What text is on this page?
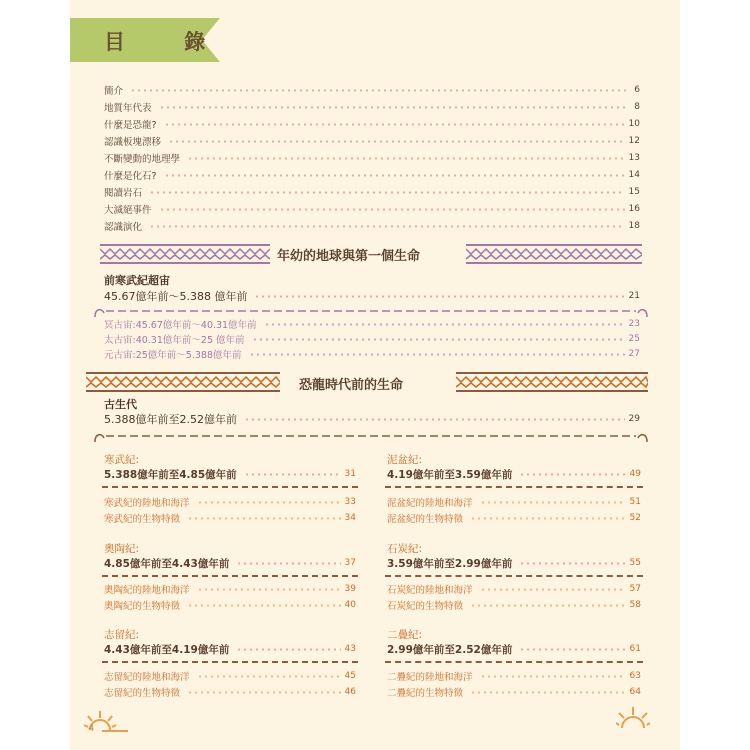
目 錄
簡介	6
地質年代表	8
什麼是恐龍?	10
認識板塊漂移	12
不斷變動的地理學	13
什麼是化石?	14
閱讀岩石	15
大滅絕事件	16
認識演化	18
年幼的地球與第一個生命
前寒武紀超宙
45.67億年前～5.388 億年前	21
冥古宙:45.67億年前～40.31億年前	23
太古宙:40.31億年前～25 億年前	25
元古宙:25億年前～5.388億年前	27
恐龍時代前的生命
古生代
5.388億年前至2.52億年前	29
寒武紀:
5.388億年前至4.85億年前	31
寒武紀的陸地和海洋	33
寒武紀的生物特徵	34
奧陶紀:
4.85億年前至4.43億年前	37
奧陶紀的陸地和海洋	39
奧陶紀的生物特徵	40
志留紀:
4.43億年前至4.19億年前	43
志留紀的陸地和海洋	45
志留紀的生物特徵	46
泥盆紀:
4.19億年前至3.59億年前	49
泥盆紀的陸地和海洋	51
泥盆紀的生物特徵	52
石炭紀:
3.59億年前至2.99億年前	55
石炭紀的陸地和海洋	57
石炭紀的生物特徵	58
二疊紀:
2.99億年前至2.52億年前	61
二疊紀的陸地和海洋	63
二疊紀的生物特徵	64
4
